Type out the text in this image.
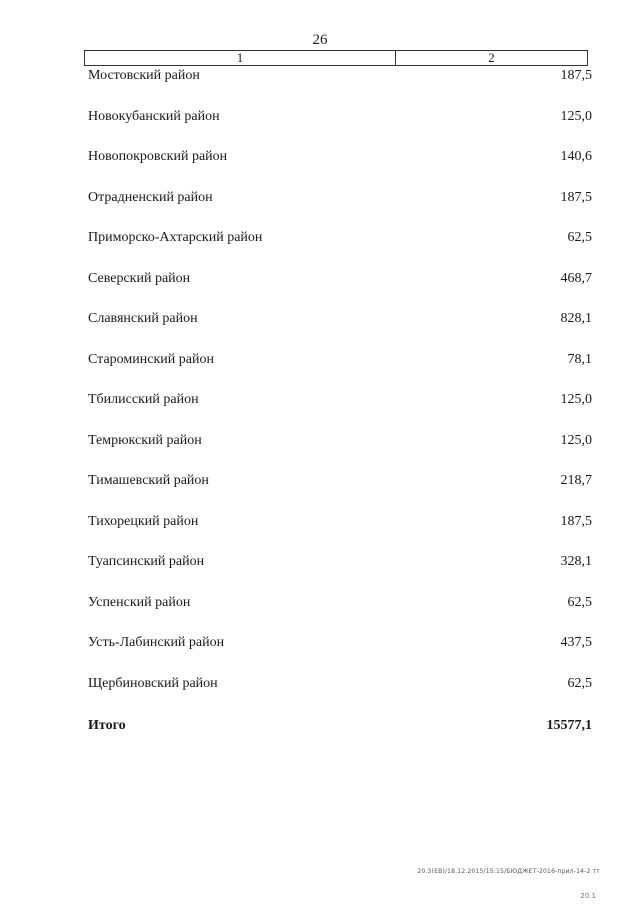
26
1	2
Мостовский район	187,5
Новокубанский район	125,0
Новопокровский район	140,6
Отрадненский район	187,5
Приморско-Ахтарский район	62,5
Северский район	468,7
Славянский район	828,1
Староминский район	78,1
Тбилисский район	125,0
Темрюкский район	125,0
Тимашевский район	218,7
Тихорецкий район	187,5
Туапсинский район	328,1
Успенский район	62,5
Усть-Лабинский район	437,5
Щербиновский район	62,5
Итого	15577,1
20.3(ЕВ)/18.12.2015/15:15/БЮДЖЕТ-2016-прил-14-2 тт
20.1
